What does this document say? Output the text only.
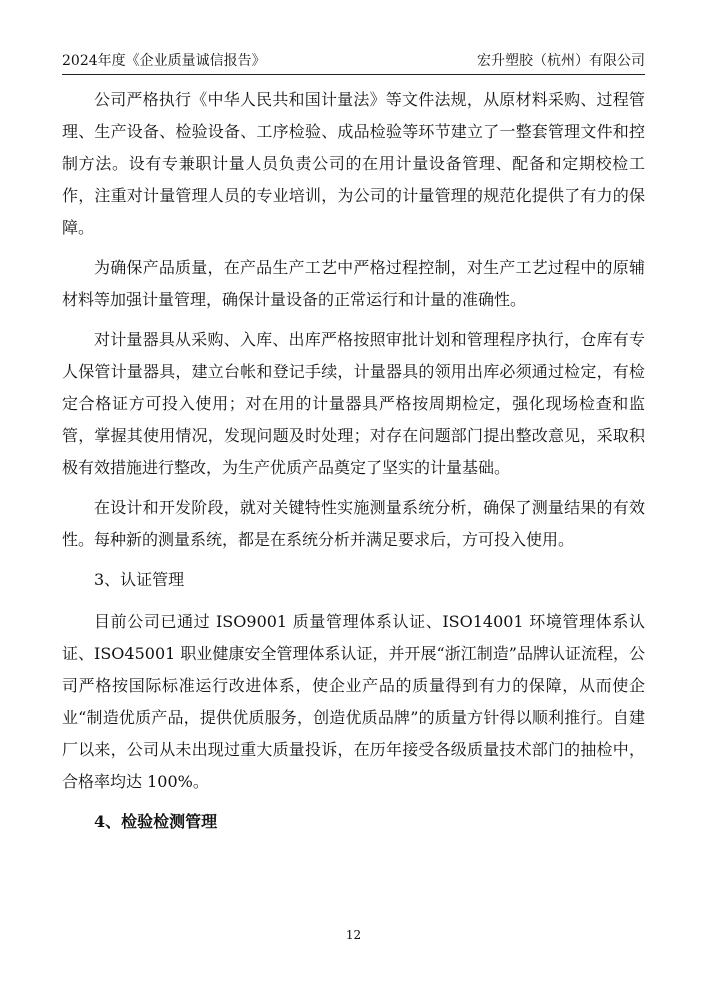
2024年度《企业质量诚信报告》	宏升塑胶（杭州）有限公司

公司严格执行《中华人民共和国计量法》等文件法规，从原材料采购、过程管理、生产设备、检验设备、工序检验、成品检验等环节建立了一整套管理文件和控制方法。设有专兼职计量人员负责公司的在用计量设备管理、配备和定期校检工作，注重对计量管理人员的专业培训，为公司的计量管理的规范化提供了有力的保障。

为确保产品质量，在产品生产工艺中严格过程控制，对生产工艺过程中的原辅材料等加强计量管理，确保计量设备的正常运行和计量的准确性。

对计量器具从采购、入库、出库严格按照审批计划和管理程序执行，仓库有专人保管计量器具，建立台帐和登记手续，计量器具的领用出库必须通过检定，有检定合格证方可投入使用；对在用的计量器具严格按周期检定，强化现场检查和监管，掌握其使用情况，发现问题及时处理；对存在问题部门提出整改意见，采取积极有效措施进行整改，为生产优质产品奠定了坚实的计量基础。

在设计和开发阶段，就对关键特性实施测量系统分析，确保了测量结果的有效性。每种新的测量系统，都是在系统分析并满足要求后，方可投入使用。

3、认证管理

目前公司已通过 ISO9001 质量管理体系认证、ISO14001 环境管理体系认证、ISO45001 职业健康安全管理体系认证，并开展“浙江制造”品牌认证流程，公司严格按国际标准运行改进体系，使企业产品的质量得到有力的保障，从而使企业“制造优质产品，提供优质服务，创造优质品牌”的质量方针得以顺利推行。自建厂以来，公司从未出现过重大质量投诉，在历年接受各级质量技术部门的抽检中，合格率均达 100%。

4、检验检测管理

12
